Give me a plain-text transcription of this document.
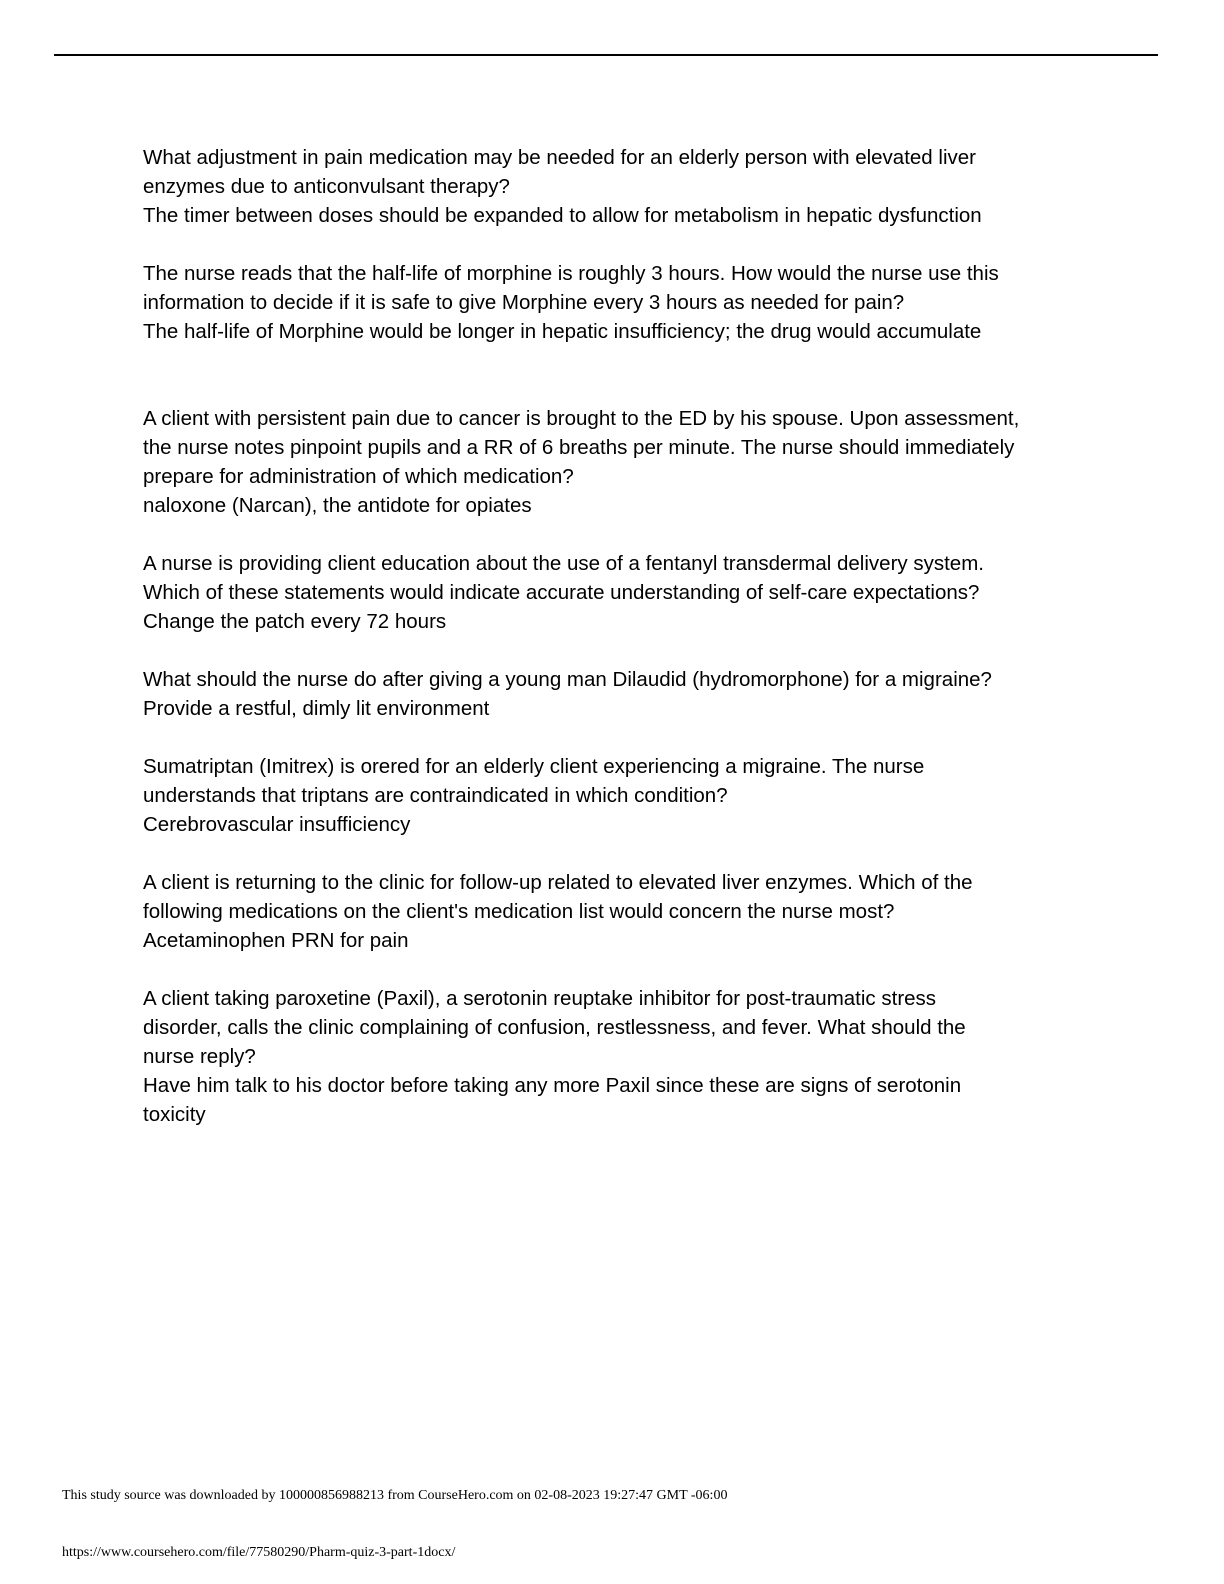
What adjustment in pain medication may be needed for an elderly person with elevated liver
enzymes due to anticonvulsant therapy?
The timer between doses should be expanded to allow for metabolism in hepatic dysfunction
The nurse reads that the half-life of morphine is roughly 3 hours. How would the nurse use this
information to decide if it is safe to give Morphine every 3 hours as needed for pain?
The half-life of Morphine would be longer in hepatic insufficiency; the drug would accumulate
A client with persistent pain due to cancer is brought to the ED by his spouse. Upon assessment,
the nurse notes pinpoint pupils and a RR of 6 breaths per minute. The nurse should immediately
prepare for administration of which medication?
naloxone (Narcan), the antidote for opiates
A nurse is providing client education about the use of a fentanyl transdermal delivery system.
Which of these statements would indicate accurate understanding of self-care expectations?
Change the patch every 72 hours
What should the nurse do after giving a young man Dilaudid (hydromorphone) for a migraine?
Provide a restful, dimly lit environment
Sumatriptan (Imitrex) is orered for an elderly client experiencing a migraine. The nurse
understands that triptans are contraindicated in which condition?
Cerebrovascular insufficiency
A client is returning to the clinic for follow-up related to elevated liver enzymes. Which of the
following medications on the client's medication list would concern the nurse most?
Acetaminophen PRN for pain
A client taking paroxetine (Paxil), a serotonin reuptake inhibitor for post-traumatic stress
disorder, calls the clinic complaining of confusion, restlessness, and fever. What should the
nurse reply?
Have him talk to his doctor before taking any more Paxil since these are signs of serotonin
toxicity
This study source was downloaded by 100000856988213 from CourseHero.com on 02-08-2023 19:27:47 GMT -06:00
https://www.coursehero.com/file/77580290/Pharm-quiz-3-part-1docx/
